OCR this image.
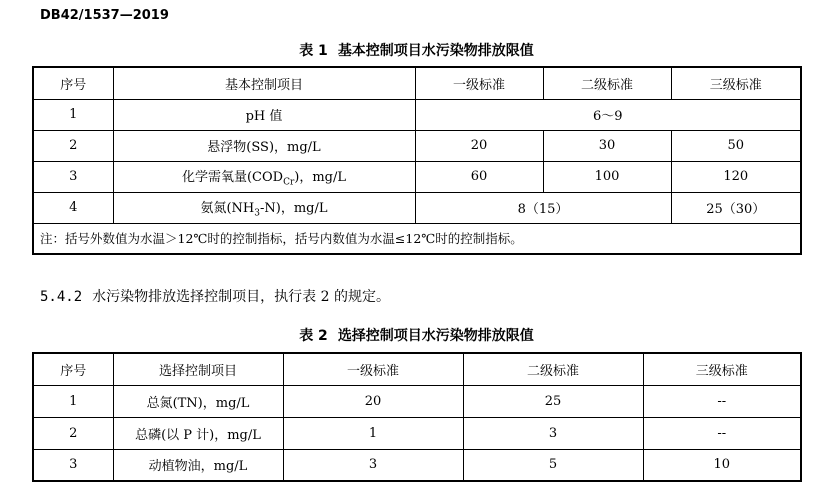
DB42/1537—2019
表 1 基本控制项目水污染物排放限值
序号	基本控制项目	一级标准	二级标准	三级标准
1	pH 值	6～9		
2	悬浮物(SS)，mg/L	20	30	50
3	化学需氧量$(COD_{Cr})$，mg/L	60	100	120
4	氨氮$(NH_3-N)$，mg/L	8（15）		25（30）
注：括号外数值为水温＞12℃时的控制指标，括号内数值为水温≤12℃时的控制指标。				
5.4.2 水污染物排放选择控制项目，执行表 2 的规定。
表 2 选择控制项目水污染物排放限值
序号	选择控制项目	一级标准	二级标准	三级标准
1	总氮(TN)，mg/L	20	25	--
2	总磷(以 P 计)，mg/L	1	3	--
3	动植物油，mg/L	3	5	10
